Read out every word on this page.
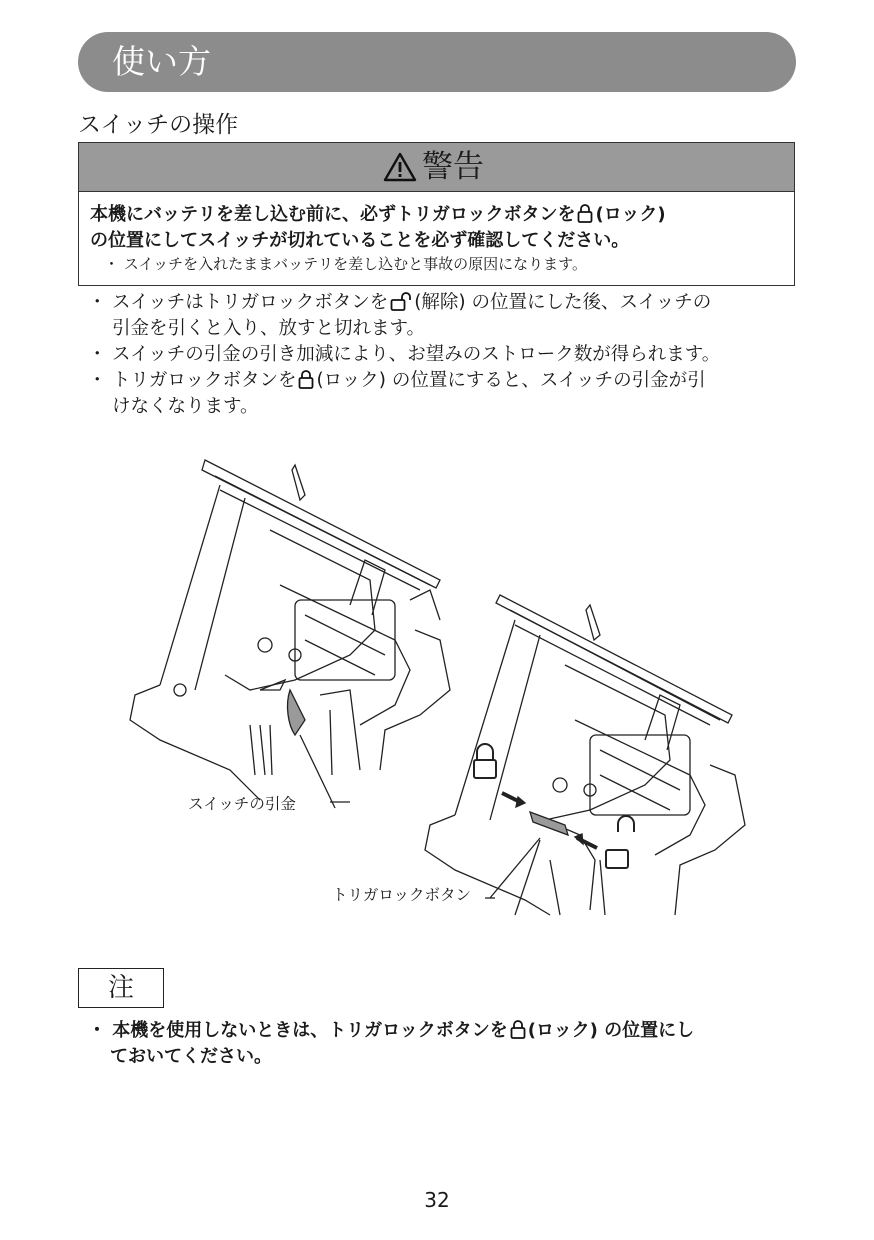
使い方
スイッチの操作
警告
本機にバッテリを差し込む前に、必ずトリガロックボタンを (ロック)
の位置にしてスイッチが切れていることを必ず確認してください。
・ スイッチを入れたままバッテリを差し込むと事故の原因になります。
・ スイッチはトリガロックボタンを (解除) の位置にした後、スイッチの
引金を引くと入り、放すと切れます。
・ スイッチの引金の引き加減により、お望みのストローク数が得られます。
・ トリガロックボタンを (ロック) の位置にすると、スイッチの引金が引
けなくなります。
スイッチの引金
トリガロックボタン
注
・ 本機を使用しないときは、トリガロックボタンを (ロック) の位置にし
ておいてください。
32
